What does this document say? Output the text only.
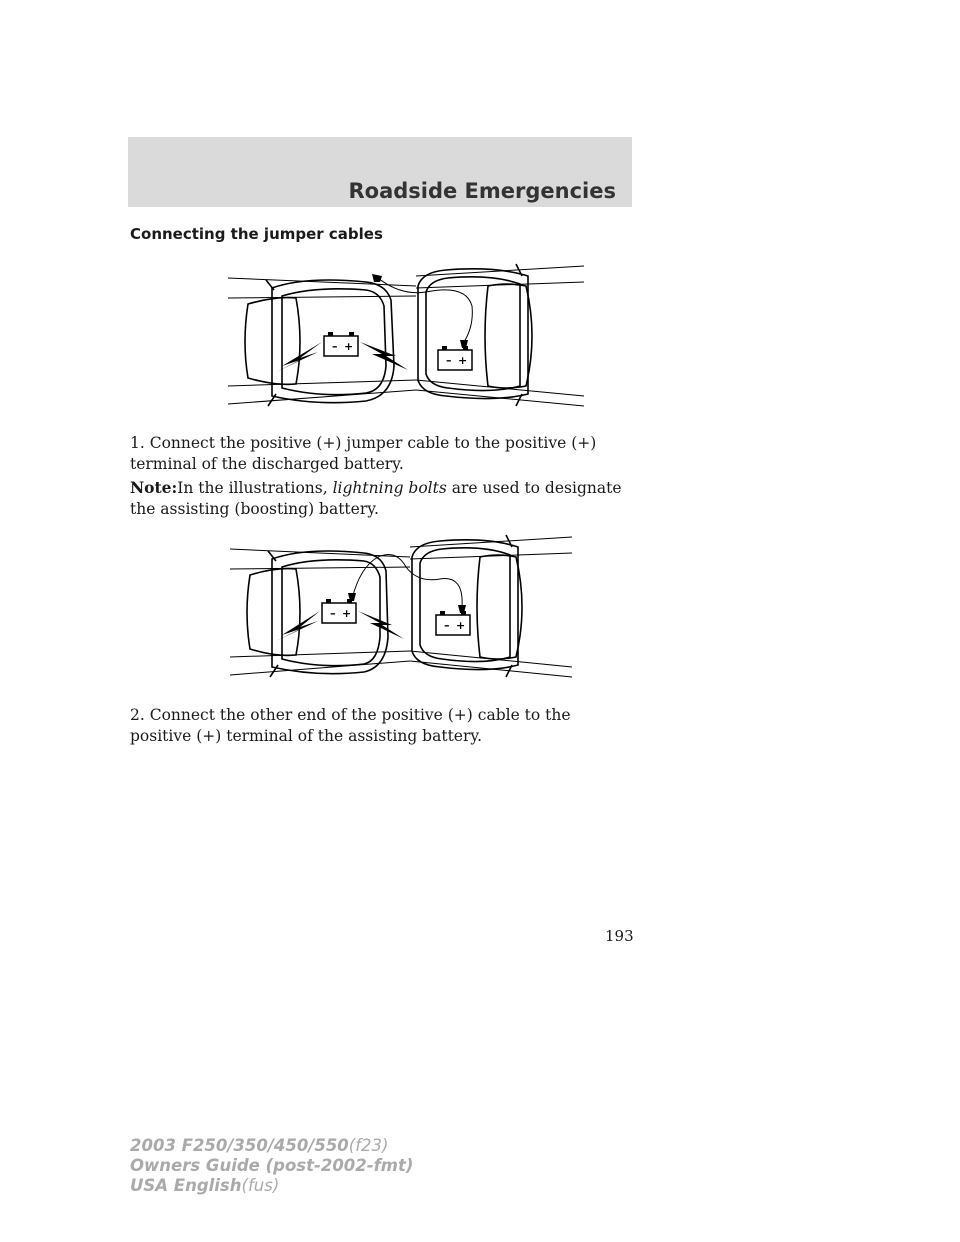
Roadside Emergencies
Connecting the jumper cables
– +
– +

1. Connect the positive (+) jumper cable to the positive (+) terminal of the discharged battery.

Note:In the illustrations, lightning bolts are used to designate the assisting (boosting) battery.

– +
– +

2. Connect the other end of the positive (+) cable to the positive (+) terminal of the assisting battery.

193
2003 F250/350/450/550(f23)
Owners Guide (post-2002-fmt)
USA English(fus)
